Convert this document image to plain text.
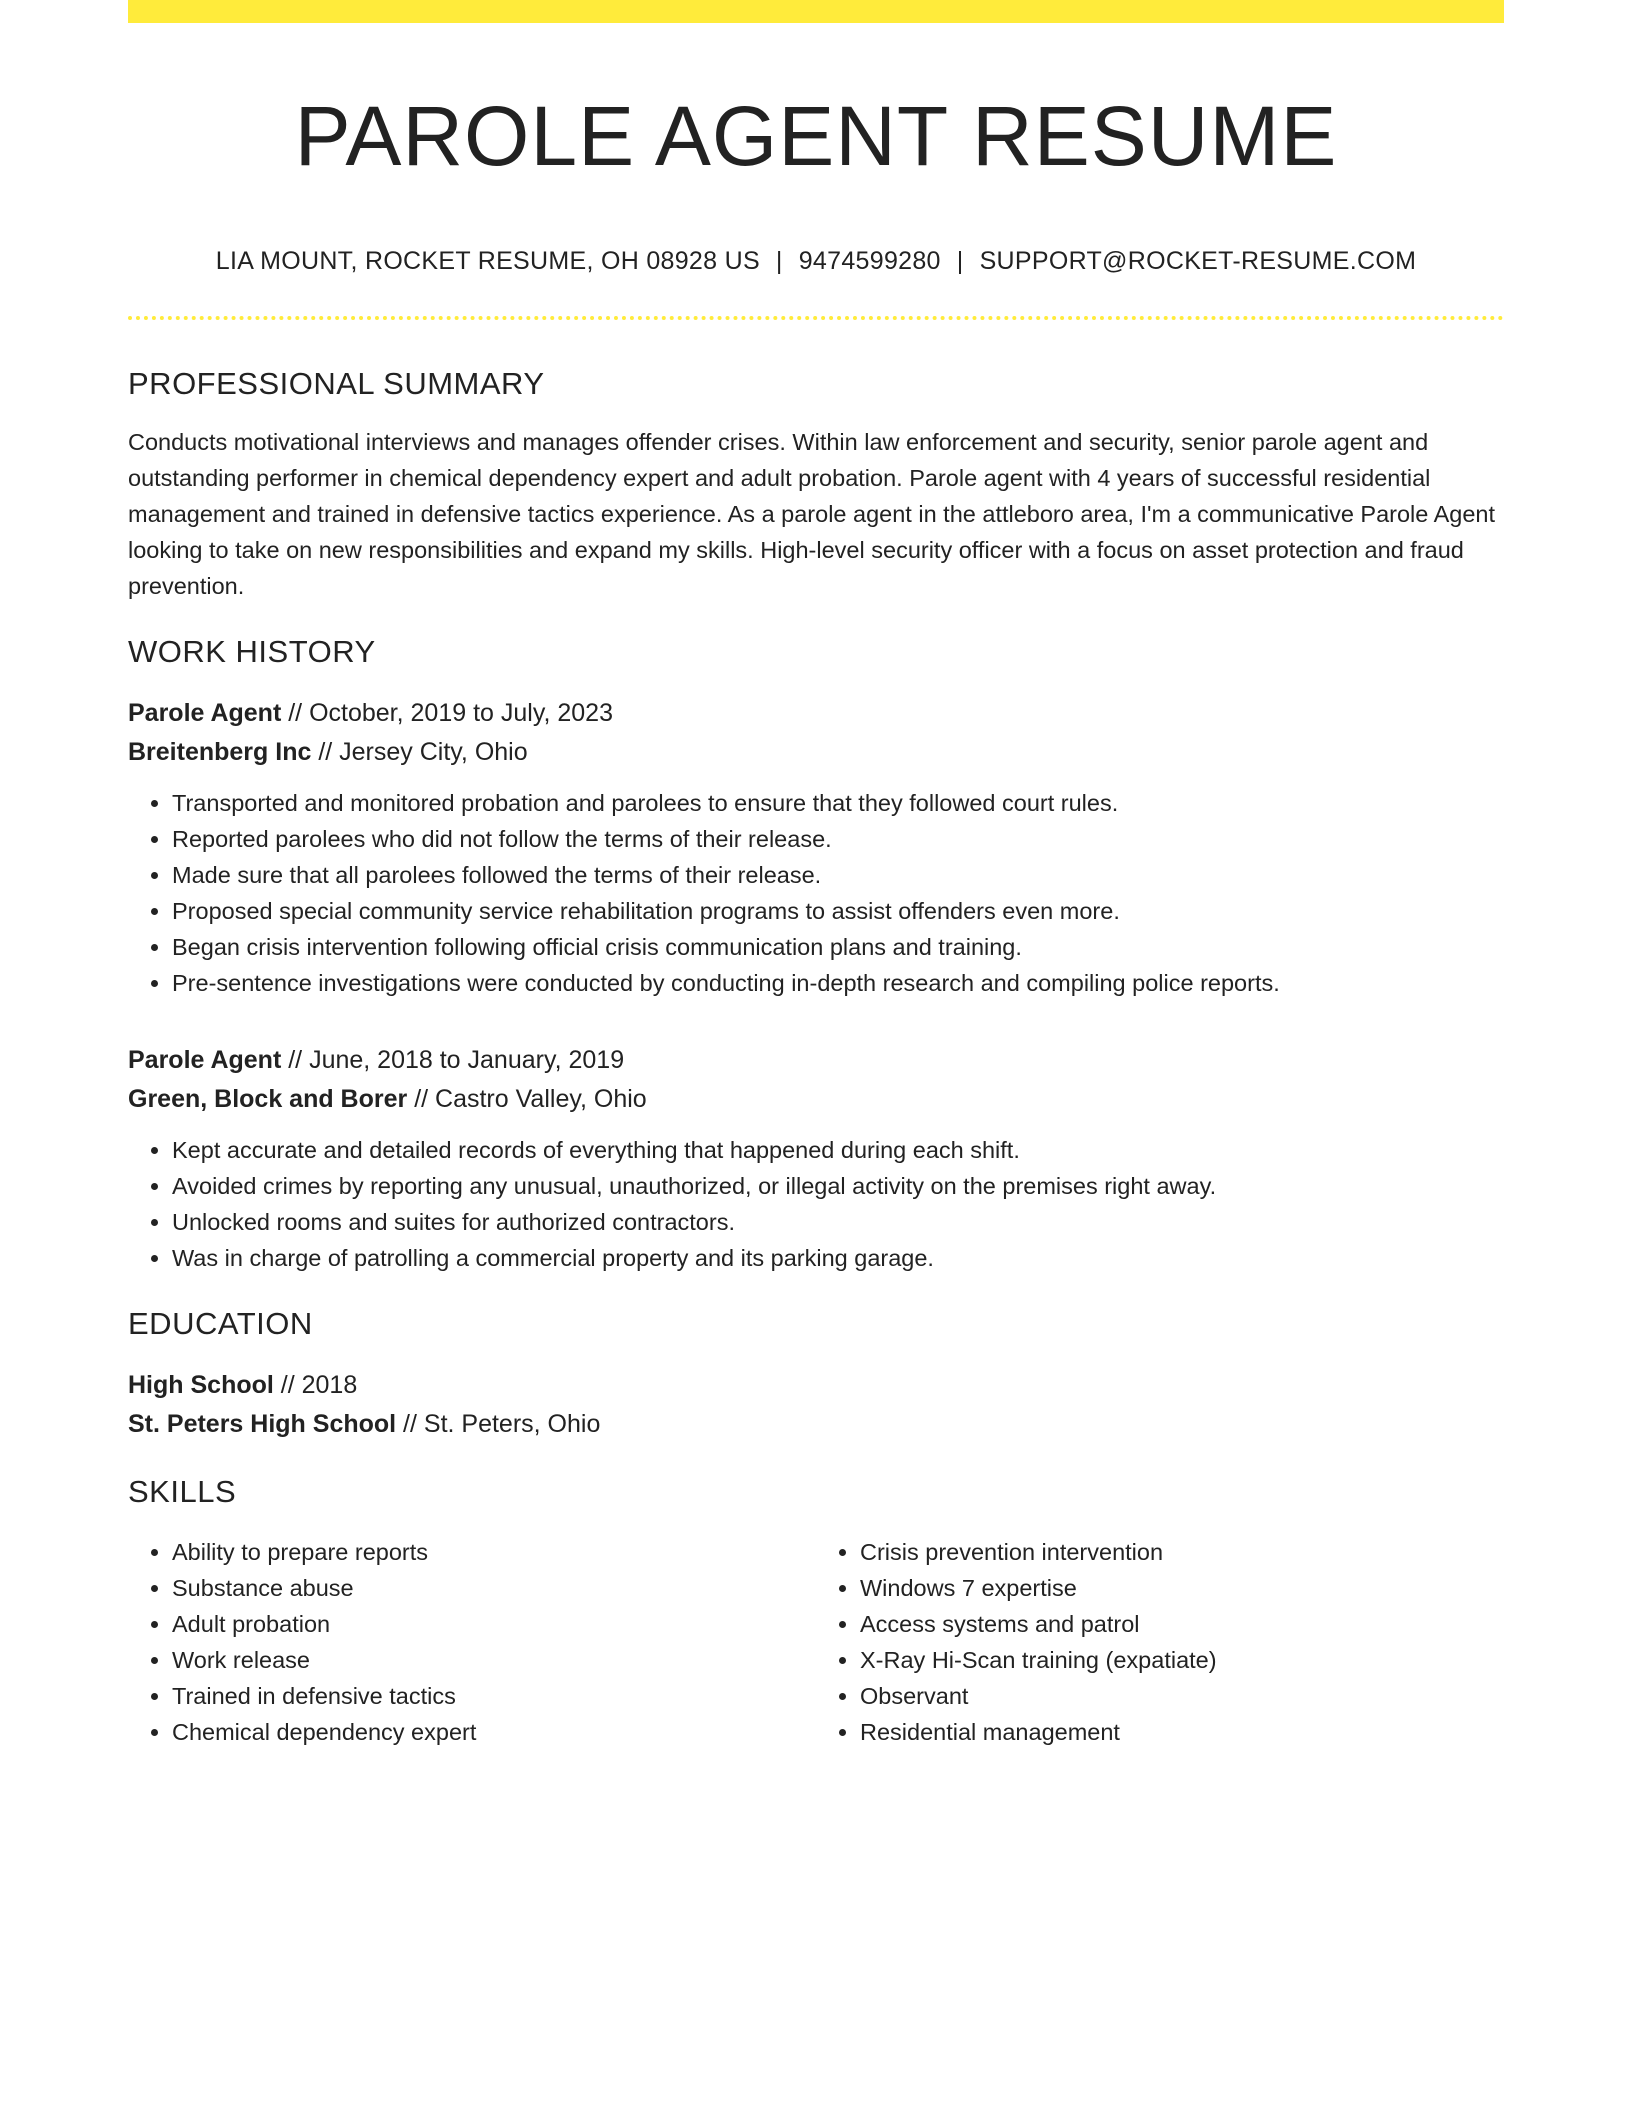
PAROLE AGENT RESUME
LIA MOUNT, ROCKET RESUME, OH 08928 US | 9474599280 | SUPPORT@ROCKET-RESUME.COM
PROFESSIONAL SUMMARY
Conducts motivational interviews and manages offender crises. Within law enforcement and security, senior parole agent and outstanding performer in chemical dependency expert and adult probation. Parole agent with 4 years of successful residential management and trained in defensive tactics experience. As a parole agent in the attleboro area, I'm a communicative Parole Agent looking to take on new responsibilities and expand my skills. High-level security officer with a focus on asset protection and fraud prevention.
WORK HISTORY
Parole Agent // October, 2019 to July, 2023
Breitenberg Inc // Jersey City, Ohio
• Transported and monitored probation and parolees to ensure that they followed court rules.
• Reported parolees who did not follow the terms of their release.
• Made sure that all parolees followed the terms of their release.
• Proposed special community service rehabilitation programs to assist offenders even more.
• Began crisis intervention following official crisis communication plans and training.
• Pre-sentence investigations were conducted by conducting in-depth research and compiling police reports.
Parole Agent // June, 2018 to January, 2019
Green, Block and Borer // Castro Valley, Ohio
• Kept accurate and detailed records of everything that happened during each shift.
• Avoided crimes by reporting any unusual, unauthorized, or illegal activity on the premises right away.
• Unlocked rooms and suites for authorized contractors.
• Was in charge of patrolling a commercial property and its parking garage.
EDUCATION
High School // 2018
St. Peters High School // St. Peters, Ohio
SKILLS
• Ability to prepare reports
• Substance abuse
• Adult probation
• Work release
• Trained in defensive tactics
• Chemical dependency expert
• Crisis prevention intervention
• Windows 7 expertise
• Access systems and patrol
• X-Ray Hi-Scan training (expatiate)
• Observant
• Residential management
